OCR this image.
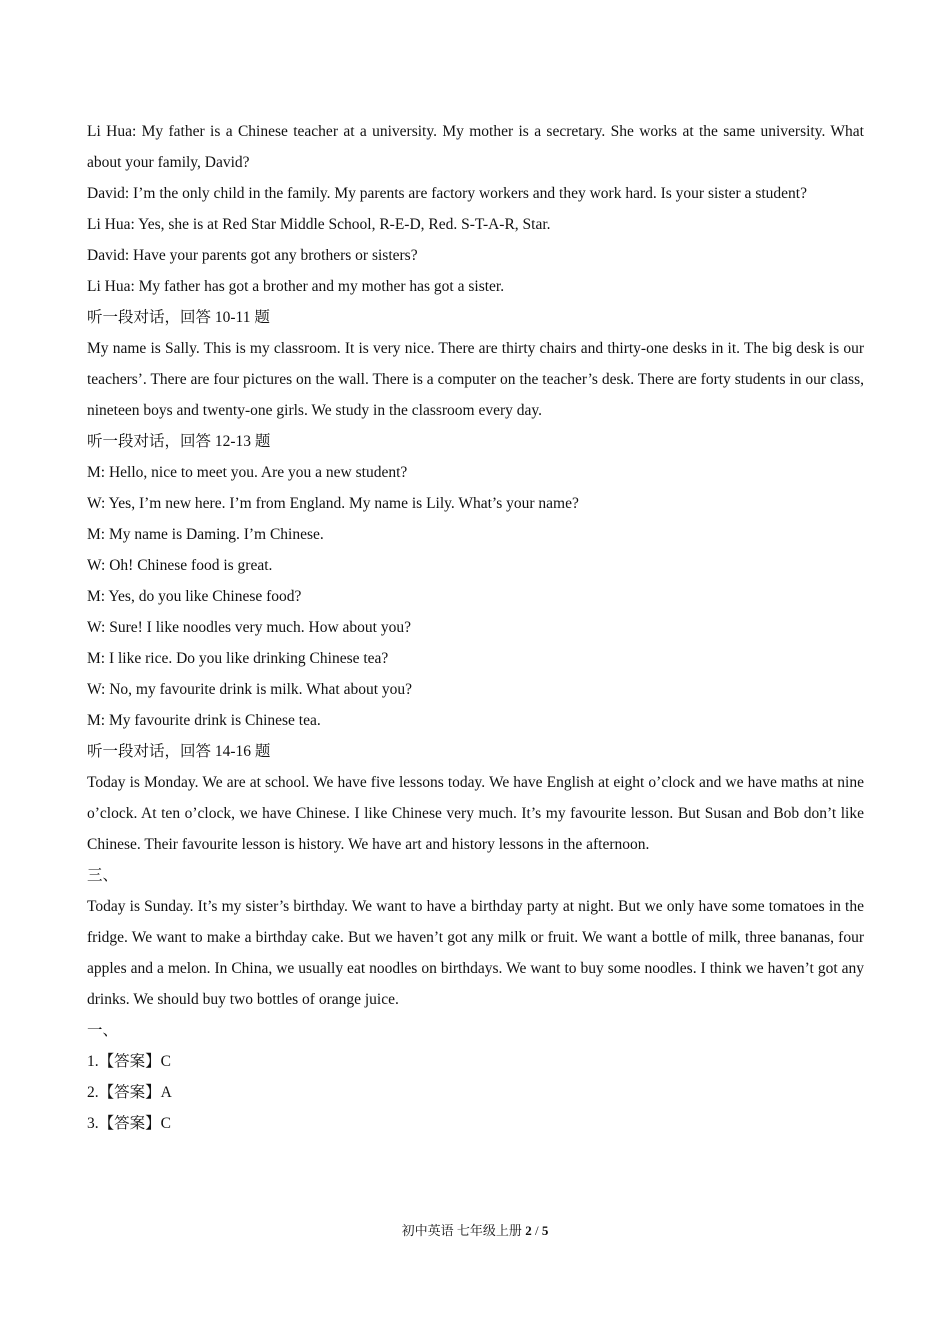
Li Hua: My father is a Chinese teacher at a university. My mother is a secretary. She works at the same university. What about your family, David?

David: I’m the only child in the family. My parents are factory workers and they work hard. Is your sister a student?

Li Hua: Yes, she is at Red Star Middle School, R-E-D, Red. S-T-A-R, Star.

David: Have your parents got any brothers or sisters?

Li Hua: My father has got a brother and my mother has got a sister.

听一段对话，回答 10-11 题

My name is Sally. This is my classroom. It is very nice. There are thirty chairs and thirty-one desks in it. The big desk is our teachers’. There are four pictures on the wall. There is a computer on the teacher’s desk. There are forty students in our class, nineteen boys and twenty-one girls. We study in the classroom every day.

听一段对话，回答 12-13 题

M: Hello, nice to meet you. Are you a new student?

W: Yes, I’m new here. I’m from England. My name is Lily. What’s your name?

M: My name is Daming. I’m Chinese.

W: Oh! Chinese food is great.

M: Yes, do you like Chinese food?

W: Sure! I like noodles very much. How about you?

M: I like rice. Do you like drinking Chinese tea?

W: No, my favourite drink is milk. What about you?

M: My favourite drink is Chinese tea.

听一段对话，回答 14-16 题

Today is Monday. We are at school. We have five lessons today. We have English at eight o’clock and we have maths at nine o’clock. At ten o’clock, we have Chinese. I like Chinese very much. It’s my favourite lesson. But Susan and Bob don’t like Chinese. Their favourite lesson is history. We have art and history lessons in the afternoon.

三、

Today is Sunday. It’s my sister’s birthday. We want to have a birthday party at night. But we only have some tomatoes in the fridge. We want to make a birthday cake. But we haven’t got any milk or fruit. We want a bottle of milk, three bananas, four apples and a melon. In China, we usually eat noodles on birthdays. We want to buy some noodles. I think we haven’t got any drinks. We should buy two bottles of orange juice.

一、

1.【答案】C

2.【答案】A

3.【答案】C

初中英语 七年级上册 2 / 5
